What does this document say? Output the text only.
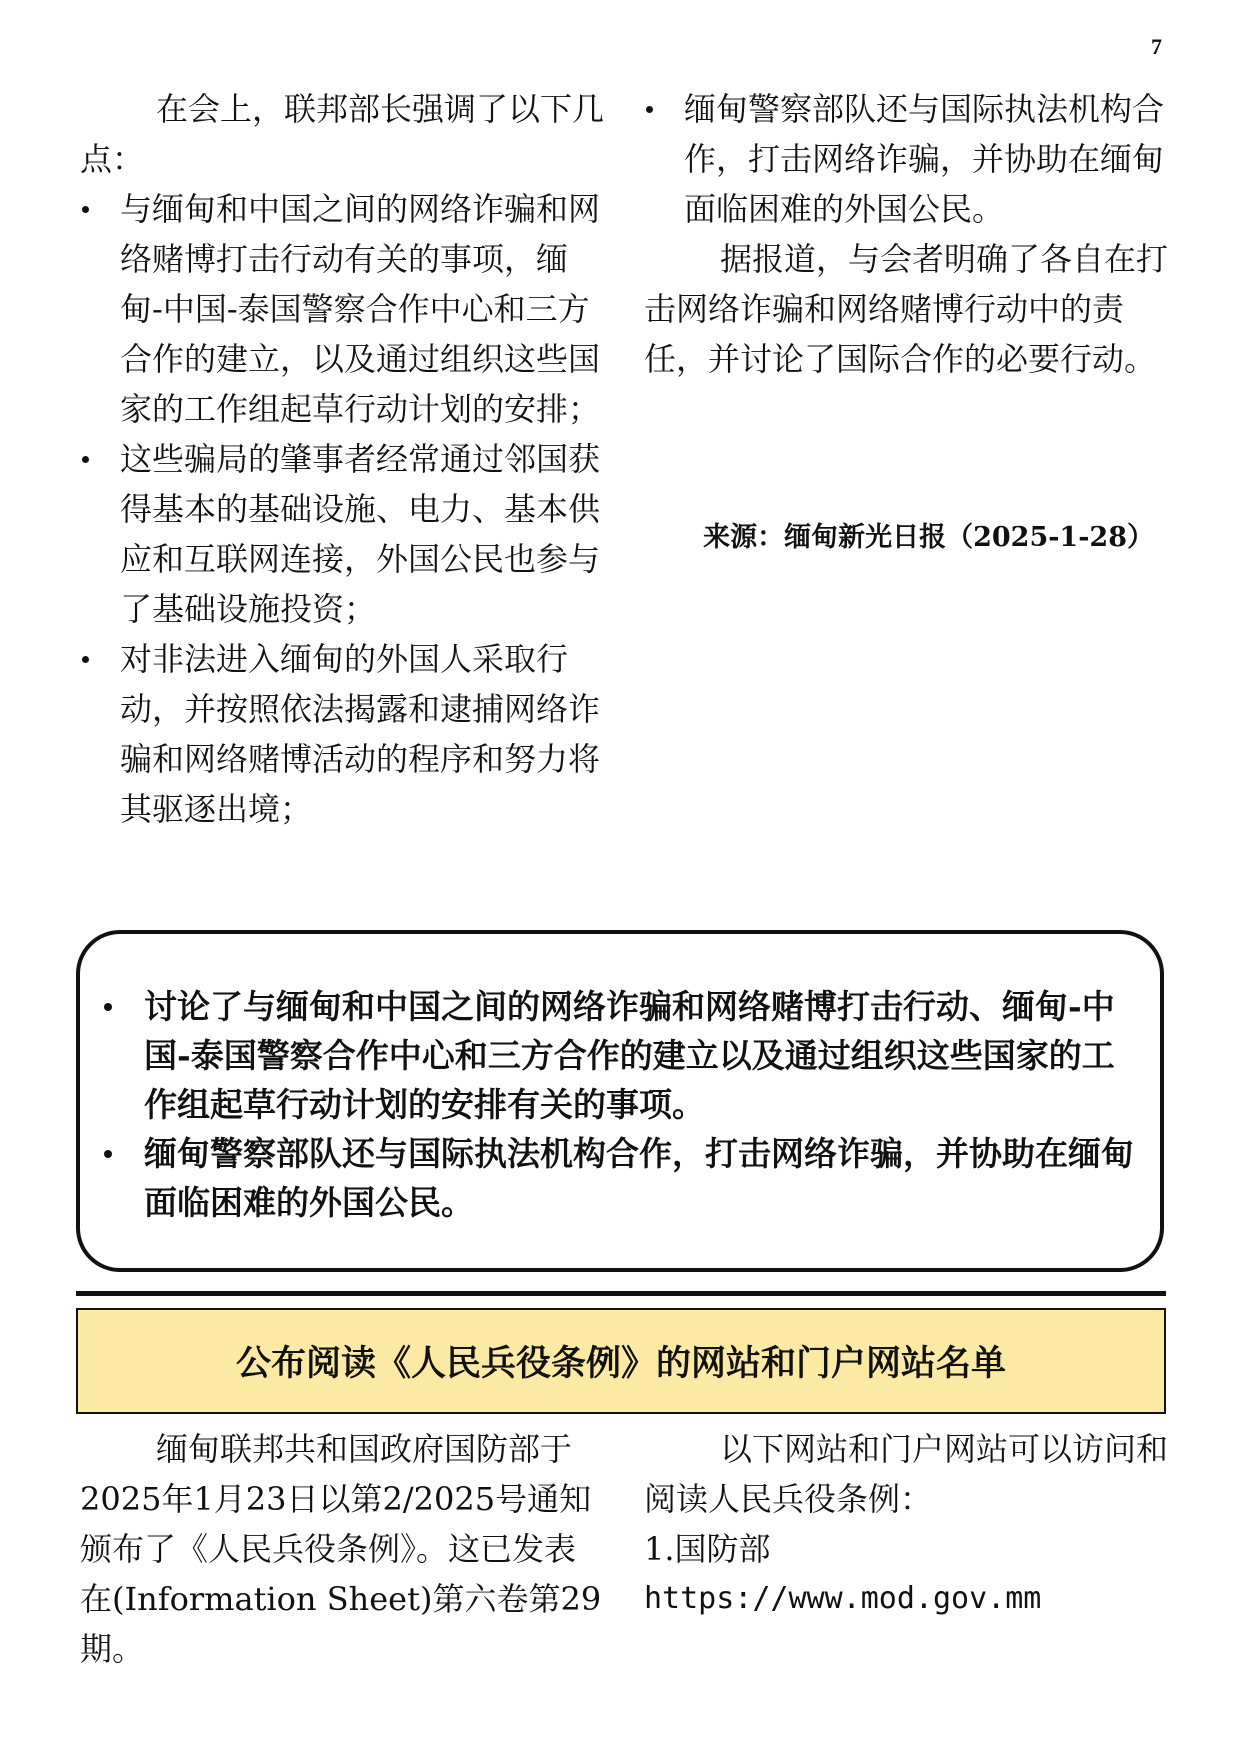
7

在会上，联邦部长强调了以下几点：

与缅甸和中国之间的网络诈骗和网络赌博打击行动有关的事项，缅甸-中国-泰国警察合作中心和三方合作的建立，以及通过组织这些国家的工作组起草行动计划的安排；
这些骗局的肇事者经常通过邻国获得基本的基础设施、电力、基本供应和互联网连接，外国公民也参与了基础设施投资；
对非法进入缅甸的外国人采取行动，并按照依法揭露和逮捕网络诈骗和网络赌博活动的程序和努力将其驱逐出境；
缅甸警察部队还与国际执法机构合作，打击网络诈骗，并协助在缅甸面临困难的外国公民。

据报道，与会者明确了各自在打击网络诈骗和网络赌博行动中的责任，并讨论了国际合作的必要行动。

来源：缅甸新光日报（2025-1-28）
讨论了与缅甸和中国之间的网络诈骗和网络赌博打击行动、缅甸-中国-泰国警察合作中心和三方合作的建立以及通过组织这些国家的工作组起草行动计划的安排有关的事项。
缅甸警察部队还与国际执法机构合作，打击网络诈骗，并协助在缅甸面临困难的外国公民。
公布阅读《人民兵役条例》的网站和门户网站名单

缅甸联邦共和国政府国防部于2025年1月23日以第2/2025号通知颁布了《人民兵役条例》。这已发表在(Information Sheet)第六卷第29期。

以下网站和门户网站可以访问和阅读人民兵役条例：

1.国防部

https://www.mod.gov.mm
